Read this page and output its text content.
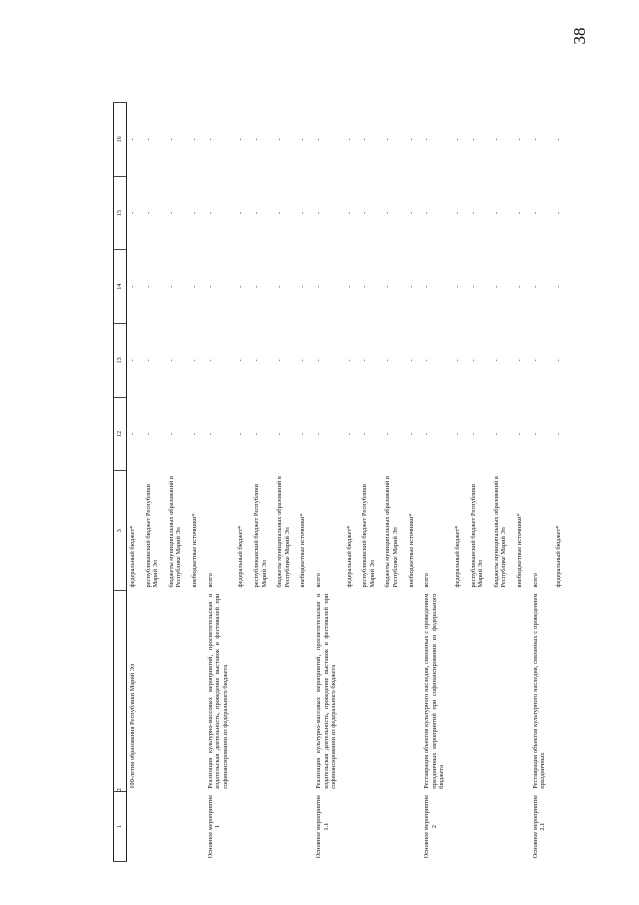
38
1	2	3	12	13	14	15	16
	100-летия образования Республики Марий Эл	федеральный бюджет*	-	-	-	-	-
		республиканский бюджет Республики Марий Эл	-	-	-	-	-
		бюджеты муниципальных образований в Республике Марий Эл	-	-	-	-	-
		внебюджетные источники*	-	-	-	-	-
Основное мероприятие 1	Реализация культурно-массовых мероприятий, просветительская и издательская деятельность, проведение выставок и фестивалей при софинансировании из федерального бюджета	всего	-	-	-	-	-
		федеральный бюджет*	-	-	-	-	-
		республиканский бюджет Республики Марий Эл	-	-	-	-	-
		бюджеты муниципальных образований в Республике Марий Эл	-	-	-	-	-
		внебюджетные источники*	-	-	-	-	-
Основное мероприятие 1.1	Реализация культурно-массовых мероприятий, просветительская и издательская деятельность, проведение выставок и фестивалей при софинансировании из федерального бюджета	всего	-	-	-	-	-
		федеральный бюджет*	-	-	-	-	-
		республиканский бюджет Республики Марий Эл	-	-	-	-	-
		бюджеты муниципальных образований в Республике Марий Эл	-	-	-	-	-
		внебюджетные источники*	-	-	-	-	-
Основное мероприятие 2	Реставрация объектов культурного наследия, связанных с проведением праздничных мероприятий при софинансировании из федерального бюджета	всего	-	-	-	-	-
		федеральный бюджет*	-	-	-	-	-
		республиканский бюджет Республики Марий Эл	-	-	-	-	-
		бюджеты муниципальных образований в Республике Марий Эл	-	-	-	-	-
		внебюджетные источники*	-	-	-	-	-
Основное мероприятие 2.1	Реставрация объектов культурного наследия, связанных с проведением праздничных	всего	-	-	-	-	-
		федеральный бюджет*	-	-	-	-	-
